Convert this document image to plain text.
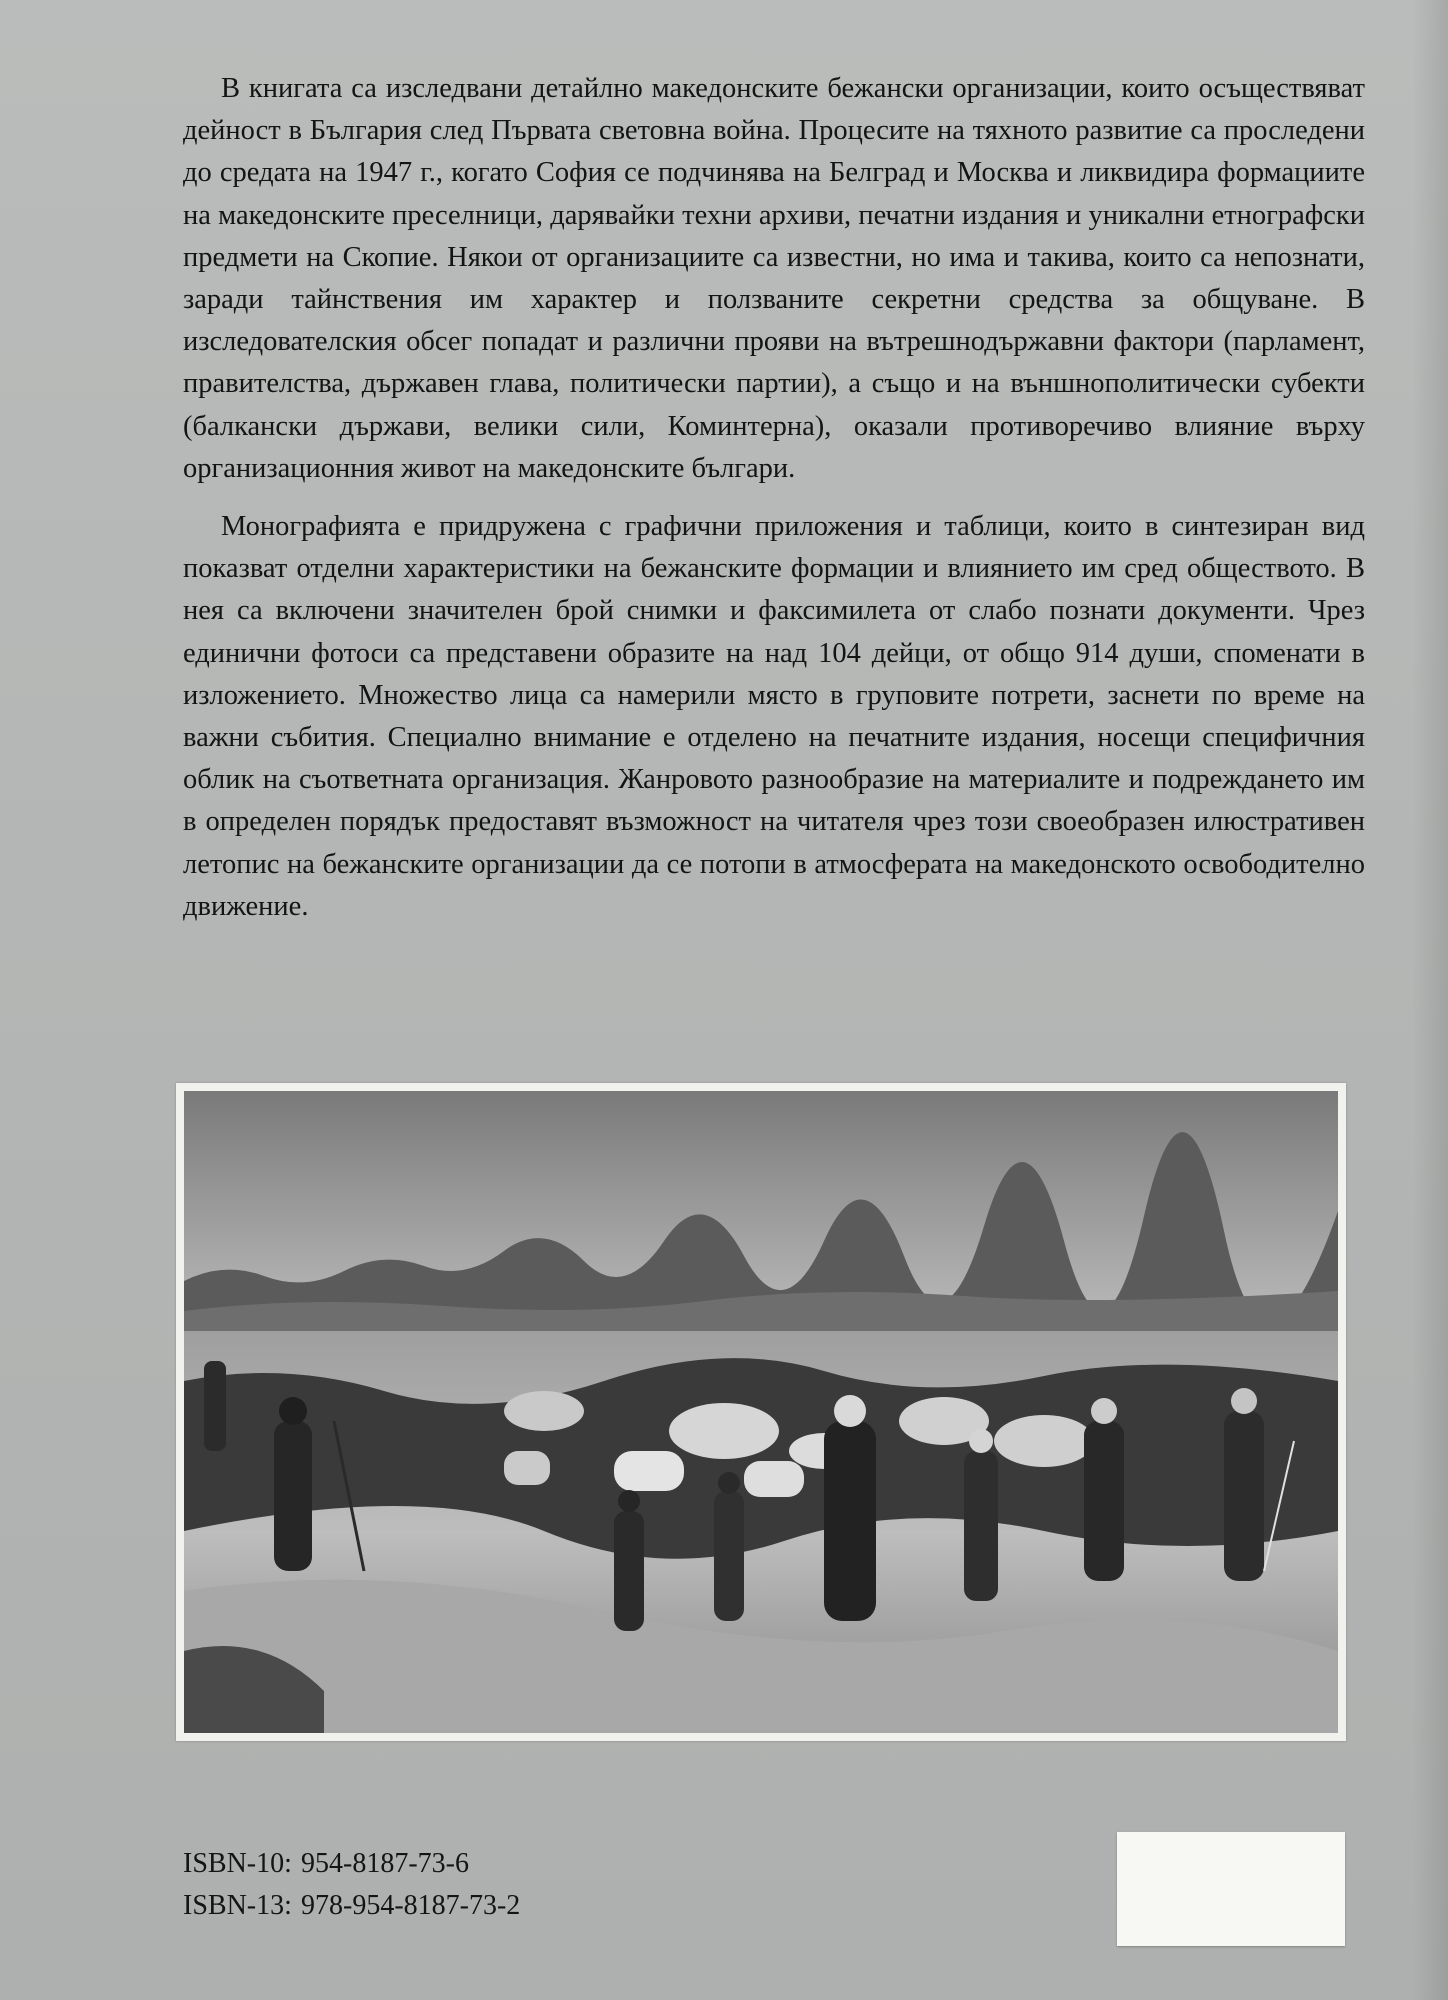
В книгата са изследвани детайлно македонските бежански организации, които осъществяват дейност в България след Първата световна война. Процесите на тяхното развитие са проследени до средата на 1947 г., когато София се подчинява на Белград и Москва и ликвидира формациите на македонските преселници, дарявайки техни архиви, печатни издания и уникални етнографски предмети на Скопие. Някои от организациите са известни, но има и такива, които са непознати, заради тайнствения им характер и ползваните секретни средства за общуване. В изследователския обсег попадат и различни прояви на вътрешнодържавни фактори (парламент, правителства, държавен глава, политически партии), а също и на външнополитически субекти (балкански държави, велики сили, Коминтерна), оказали противоречиво влияние върху организационния живот на македонските българи.

Монографията е придружена с графични приложения и таблици, които в синтезиран вид показват отделни характеристики на бежанските формации и влиянието им сред обществото. В нея са включени значителен брой снимки и факсимилета от слабо познати документи. Чрез единични фотоси са представени образите на над 104 дейци, от общо 914 души, споменати в изложението. Множество лица са намерили място в груповите потрети, заснети по време на важни събития. Специално внимание е отделено на печатните издания, носещи специфичния облик на съответната организация. Жанровото разнообразие на материалите и подреждането им в определен порядък предоставят възможност на читателя чрез този своеобразен илюстративен летопис на бежанските организации да се потопи в атмосферата на македонското освободително движение.

ISBN-10: 954-8187-73-6
ISBN-13: 978-954-8187-73-2
